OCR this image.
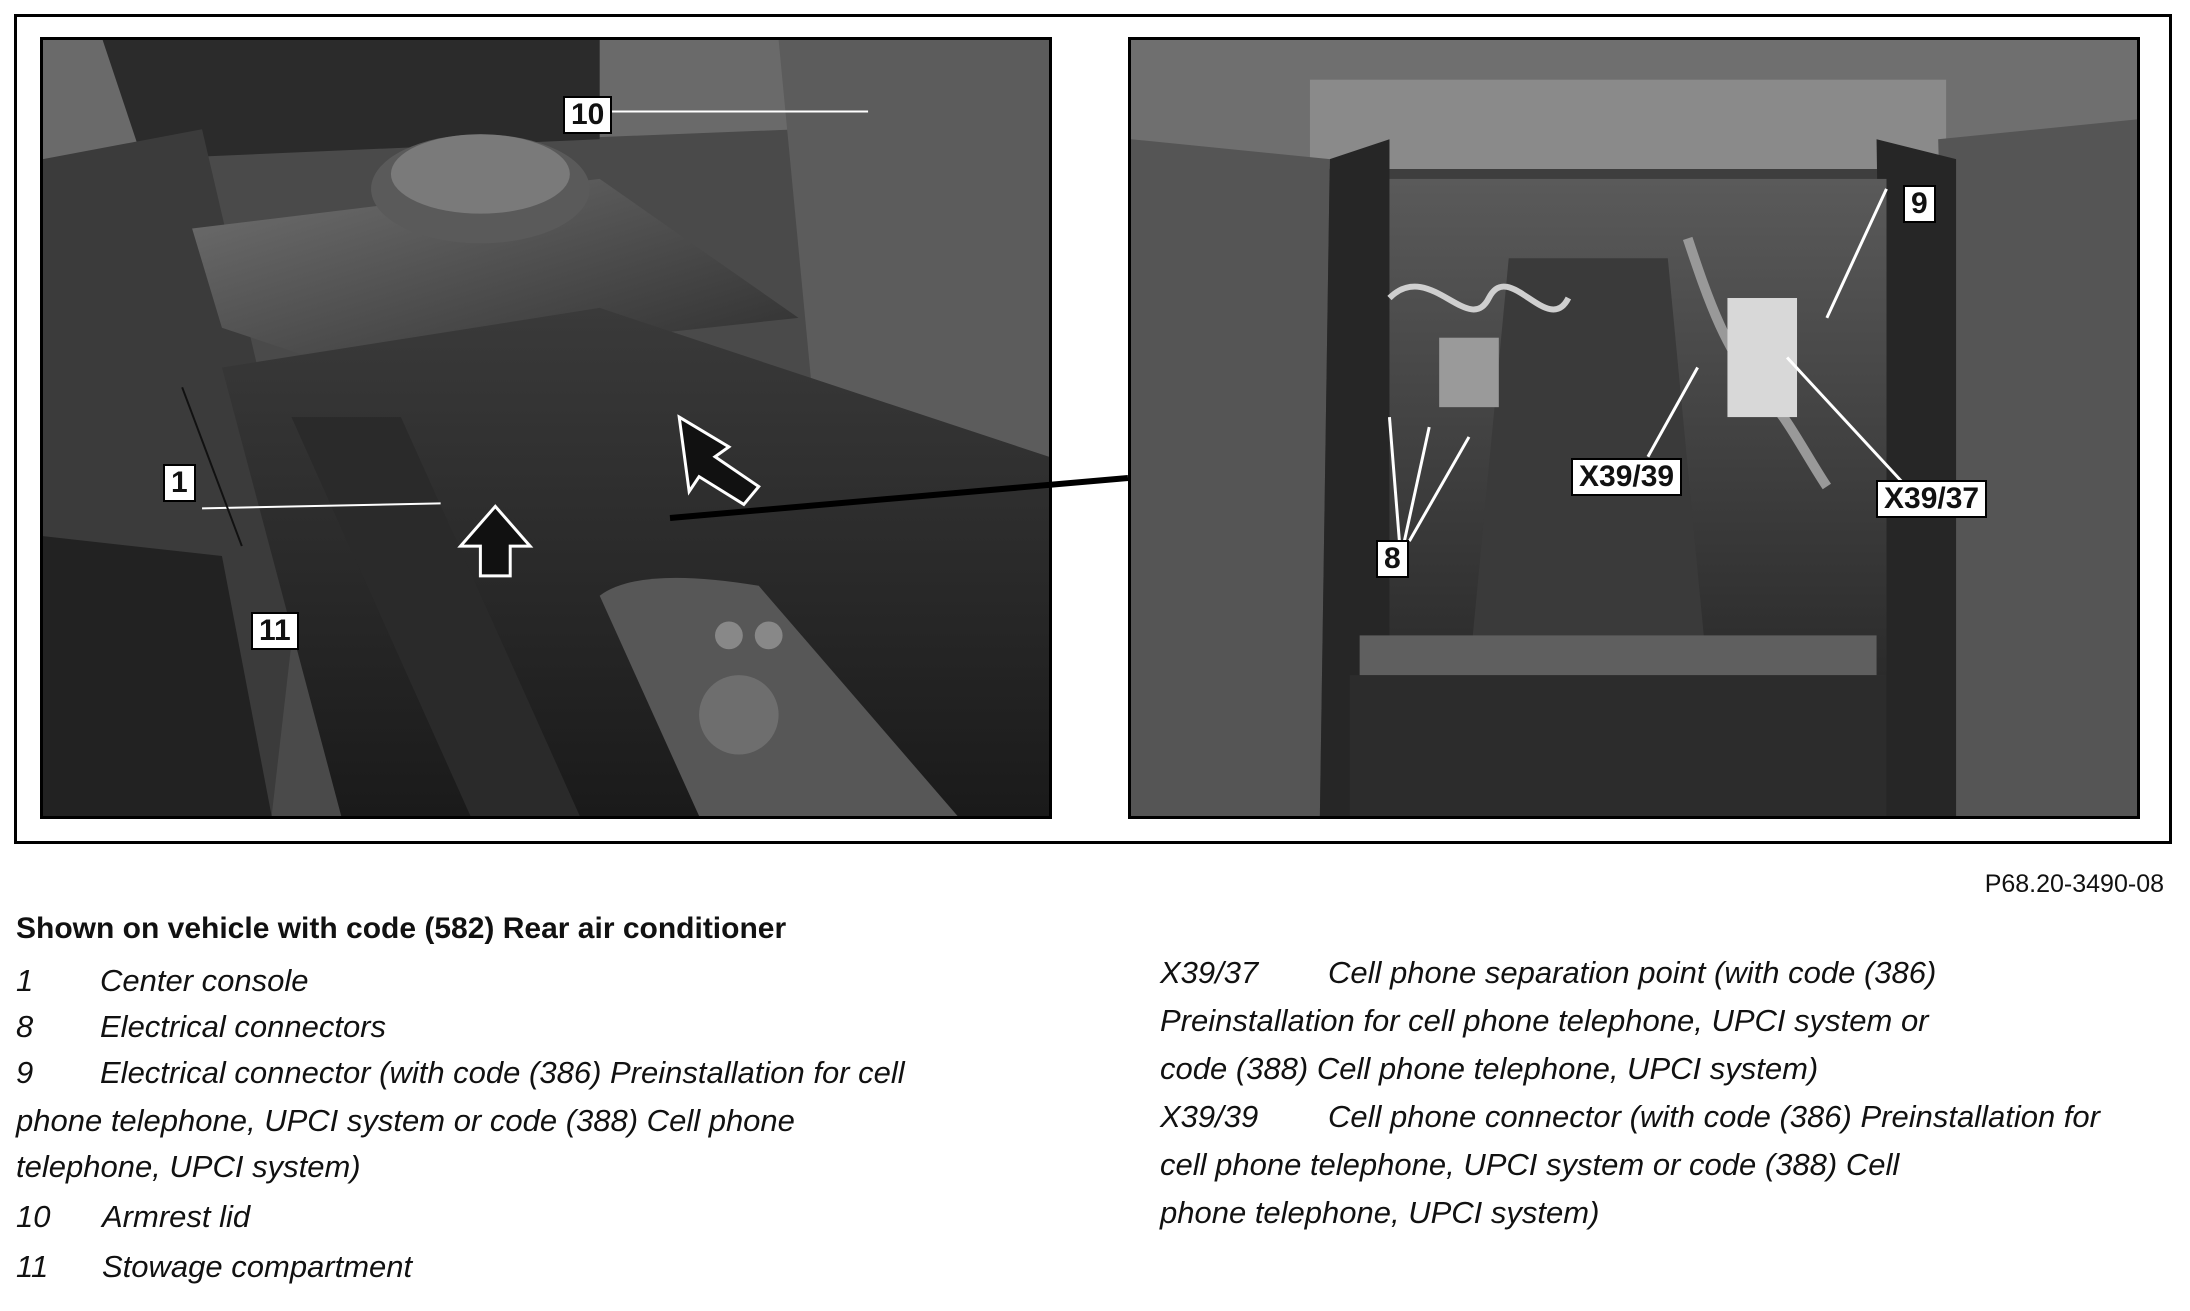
10
1
11
9
X39/39
X39/37
8
P68.20-3490-08
Shown on vehicle with code (582) Rear air conditioner
1 Center console
8 Electrical connectors
9 Electrical connector (with code (386) Preinstallation for cell
phone telephone, UPCI system or code (388) Cell phone
telephone, UPCI system)
10 Armrest lid
11 Stowage compartment
X39/37 Cell phone separation point (with code (386)
Preinstallation for cell phone telephone, UPCI system or
code (388) Cell phone telephone, UPCI system)
X39/39 Cell phone connector (with code (386) Preinstallation for
cell phone telephone, UPCI system or code (388) Cell
phone telephone, UPCI system)
